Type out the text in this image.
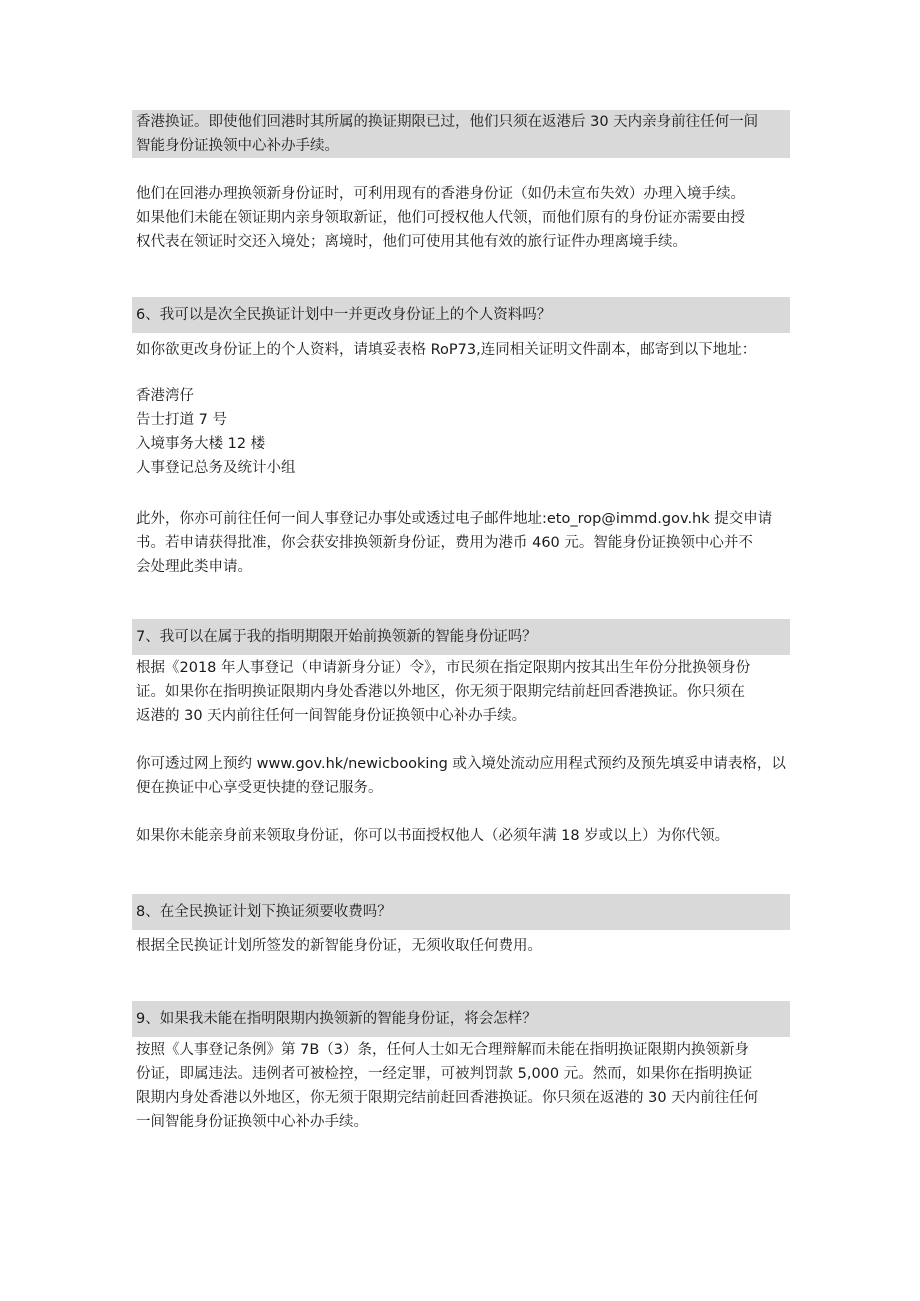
香港换证。即使他们回港时其所属的换证期限已过，他们只须在返港后 30 天内亲身前往任何一间
智能身份证换领中心补办手续。
他们在回港办理换领新身份证时，可利用现有的香港身份证（如仍未宣布失效）办理入境手续。
如果他们未能在领证期内亲身领取新证，他们可授权他人代领，而他们原有的身份证亦需要由授
权代表在领证时交还入境处；离境时，他们可使用其他有效的旅行证件办理离境手续。
6、我可以是次全民换证计划中一并更改身份证上的个人资料吗？
如你欲更改身份证上的个人资料，请填妥表格 RoP73,连同相关证明文件副本，邮寄到以下地址：
香港湾仔
告士打道 7 号
入境事务大楼 12 楼
人事登记总务及统计小组
此外，你亦可前往任何一间人事登记办事处或透过电子邮件地址:eto_rop@immd.gov.hk 提交申请
书。若申请获得批准，你会获安排换领新身份证，费用为港币 460 元。智能身份证换领中心并不
会处理此类申请。
7、我可以在属于我的指明期限开始前换领新的智能身份证吗？
根据《2018 年人事登记（申请新身分证）令》，市民须在指定限期内按其出生年份分批换领身份
证。如果你在指明换证限期内身处香港以外地区，你无须于限期完结前赶回香港换证。你只须在
返港的 30 天内前往任何一间智能身份证换领中心补办手续。
你可透过网上预约 www.gov.hk/newicbooking 或入境处流动应用程式预约及预先填妥申请表格，以
便在换证中心享受更快捷的登记服务。
如果你未能亲身前来领取身份证，你可以书面授权他人（必须年满 18 岁或以上）为你代领。
8、在全民换证计划下换证须要收费吗？
根据全民换证计划所签发的新智能身份证，无须收取任何费用。
9、如果我未能在指明限期内换领新的智能身份证，将会怎样？
按照《人事登记条例》第 7B（3）条，任何人士如无合理辩解而未能在指明换证限期内换领新身
份证，即属违法。违例者可被检控，一经定罪，可被判罚款 5,000 元。然而，如果你在指明换证
限期内身处香港以外地区，你无须于限期完结前赶回香港换证。你只须在返港的 30 天内前往任何
一间智能身份证换领中心补办手续。
